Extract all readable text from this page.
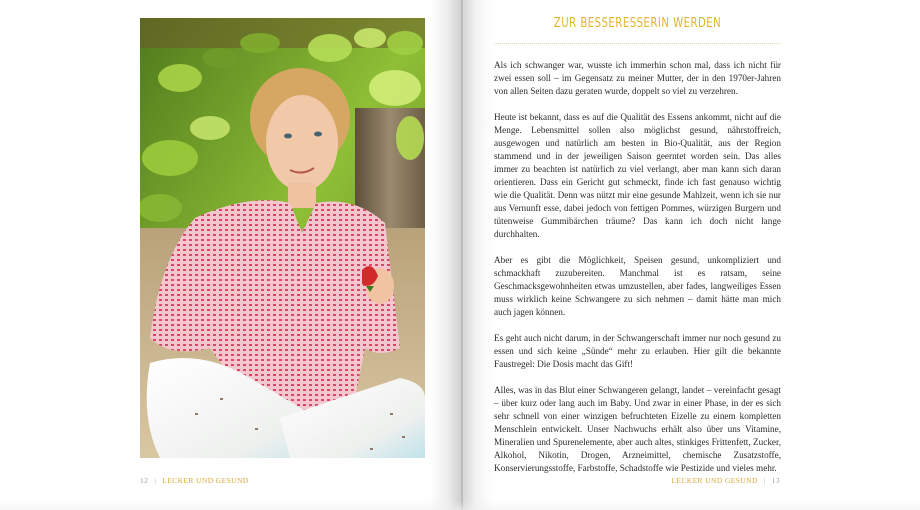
12 | LECKER UND GESUND
ZUR BESSERESSERIN WERDEN

Als ich schwanger war, wusste ich immerhin schon mal, dass ich nicht für zwei essen soll – im Gegensatz zu meiner Mutter, der in den 1970er-Jahren von allen Seiten dazu geraten wurde, doppelt so viel zu verzehren.

Heute ist bekannt, dass es auf die Qualität des Essens ankommt, nicht auf die Menge. Lebensmittel sollen also möglichst gesund, nährstoffreich, ausgewogen und natürlich am besten in Bio-Qualität, aus der Region stammend und in der jeweiligen Saison geerntet worden sein. Das alles immer zu beachten ist natürlich zu viel verlangt, aber man kann sich daran orientieren. Dass ein Gericht gut schmeckt, finde ich fast genauso wichtig wie die Qualität. Denn was nützt mir eine gesunde Mahlzeit, wenn ich sie nur aus Vernunft esse, dabei jedoch von fettigen Pommes, würzigen Burgern und tütenweise Gummibärchen träume? Das kann ich doch nicht lange durchhalten.

Aber es gibt die Möglichkeit, Speisen gesund, unkompliziert und schmackhaft zuzubereiten. Manchmal ist es ratsam, seine Geschmacksgewohnheiten etwas umzustellen, aber fades, langweiliges Essen muss wirklich keine Schwangere zu sich nehmen – damit hätte man mich auch jagen können.

Es geht auch nicht darum, in der Schwangerschaft immer nur noch gesund zu essen und sich keine „Sünde“ mehr zu erlauben. Hier gilt die bekannte Faustregel: Die Dosis macht das Gift!

Alles, was in das Blut einer Schwangeren gelangt, landet – vereinfacht gesagt – über kurz oder lang auch im Baby. Und zwar in einer Phase, in der es sich sehr schnell von einer winzigen befruchteten Eizelle zu einem kompletten Menschlein entwickelt. Unser Nachwuchs erhält also über uns Vitamine, Mineralien und Spurenelemente, aber auch altes, stinkiges Frittenfett, Zucker, Alkohol, Nikotin, Drogen, Arzneimittel, chemische Zusatzstoffe, Konservierungsstoffe, Farbstoffe, Schadstoffe wie Pestizide und vieles mehr.

LECKER UND GESUND | 13
